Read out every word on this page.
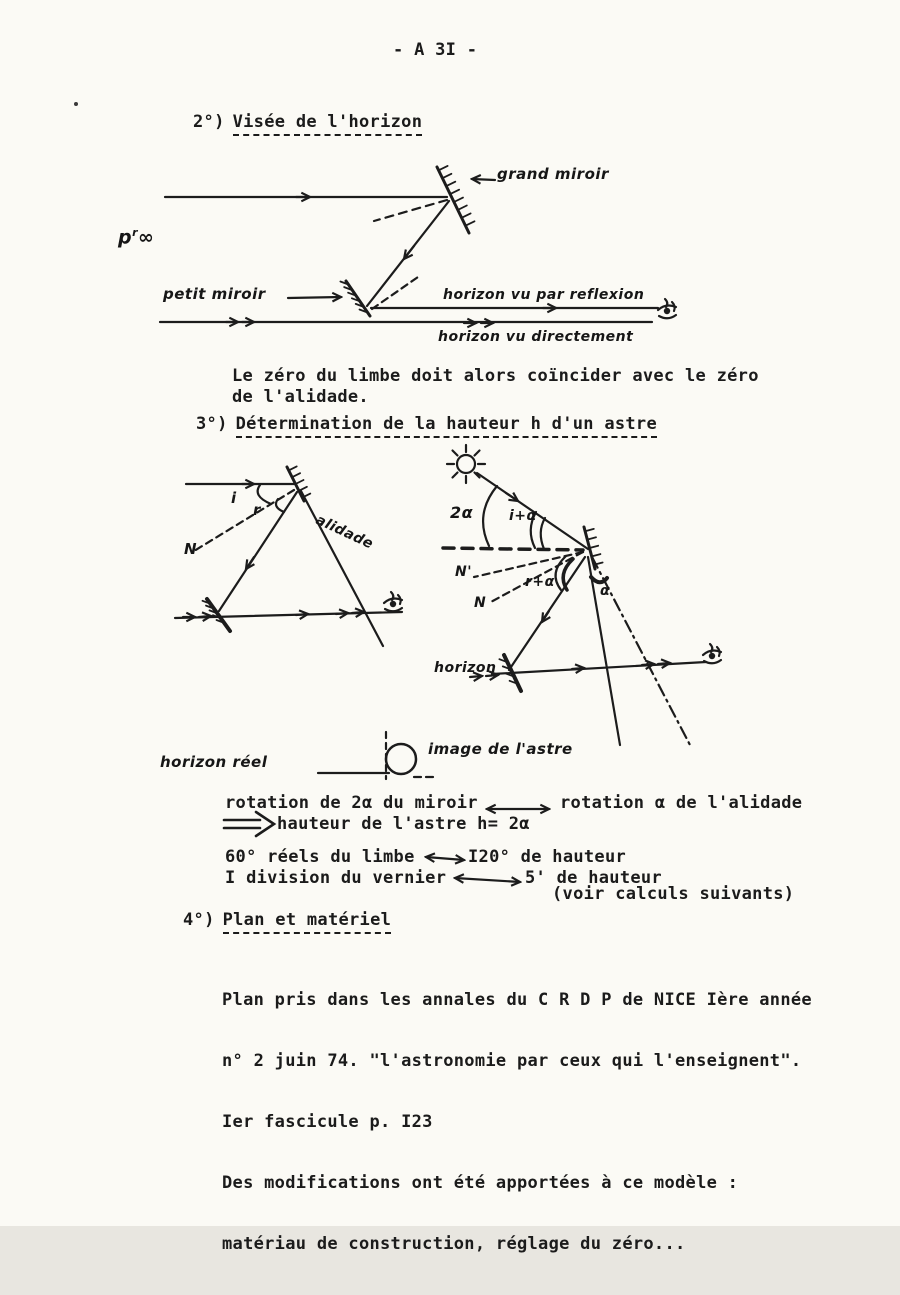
- A 3I -
2°) Visée de l'horizon
grand miroir
$p^r\infty$
petit miroir	horizon vu par reflexion
horizon vu directement
Le zéro du limbe doit alors coïncider avec le zéro
de l'alidade.
3°) Détermination de la hauteur h d'un astre
i
r
N	alidade	2α	i+α
N'
N
r+α
α
horizon
horizon réel
image de l'astre
rotation de 2α du miroir	rotation α de l'alidade
hauteur de l'astre h= 2α
60° réels du limbe	I20° de hauteur
I division du vernier	5' de hauteur
(voir calculs suivants)
4°) Plan et matériel

Plan pris dans les annales du C R D P de NICE Ière année

n° 2 juin 74. "l'astronomie par ceux qui l'enseignent".

Ier fascicule p. I23

Des modifications ont été apportées à ce modèle :

matériau de construction, réglage du zéro...
